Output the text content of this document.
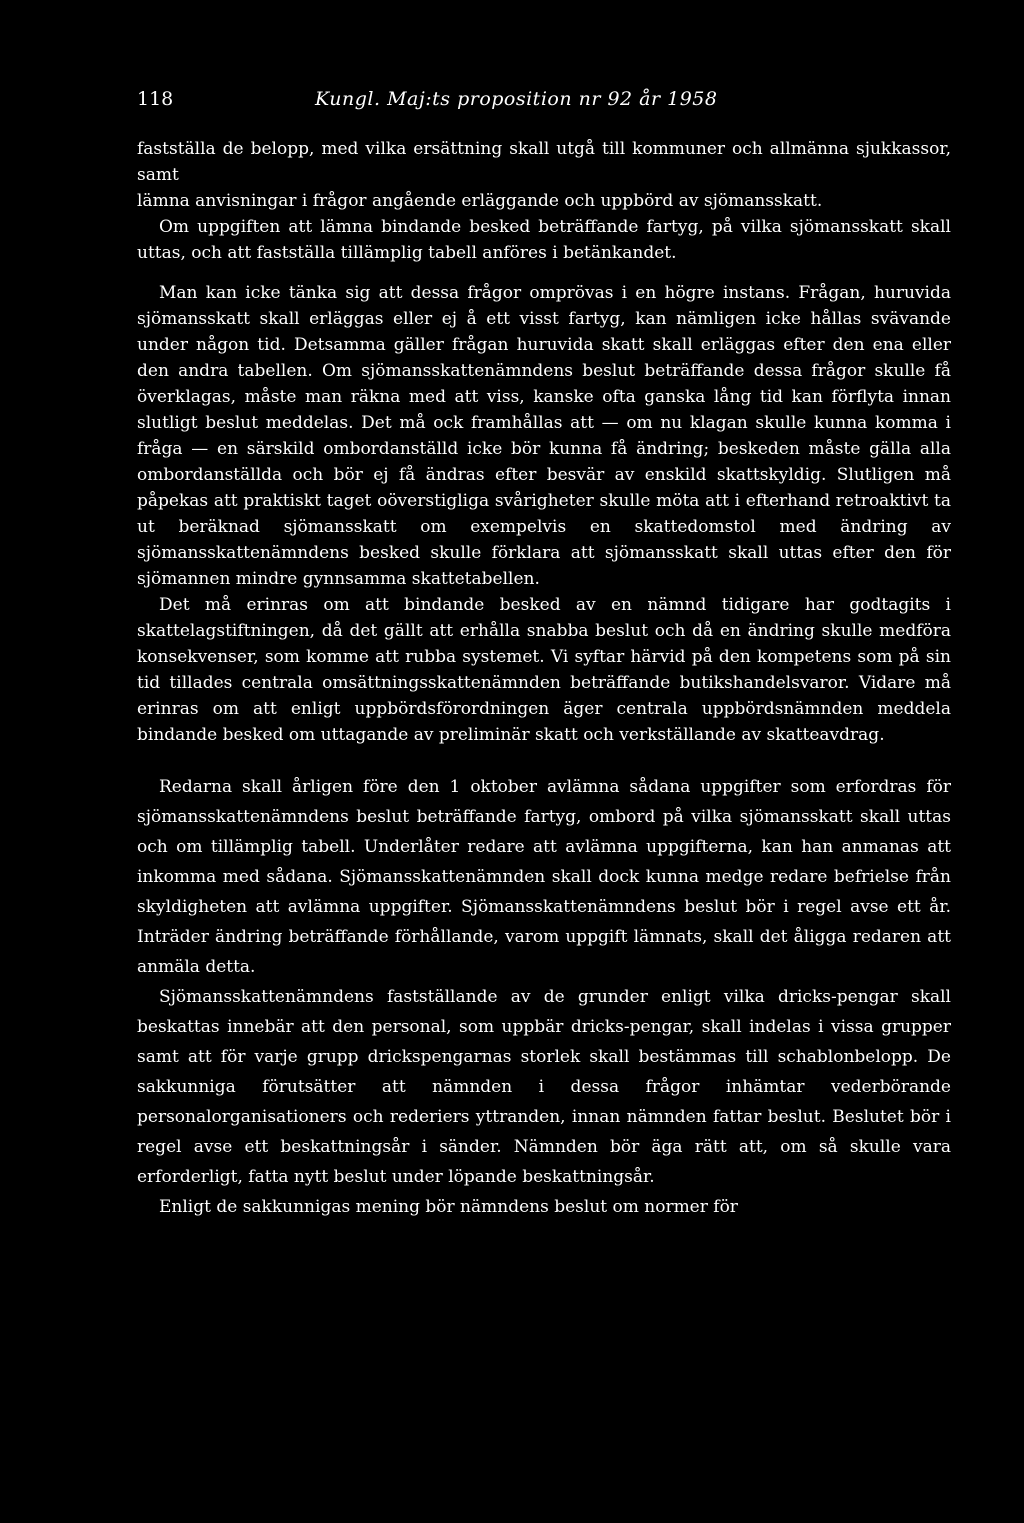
118	Kungl. Maj:ts proposition nr 92 år 1958

fastställa de belopp, med vilka ersättning skall utgå till kommuner och allmänna sjukkassor, samt

lämna anvisningar i frågor angående erläggande och uppbörd av sjömansskatt.

Om uppgiften att lämna bindande besked beträffande fartyg, på vilka sjömansskatt skall uttas, och att fastställa tillämplig tabell anföres i betänkandet.

Man kan icke tänka sig att dessa frågor omprövas i en högre instans. Frågan, huruvida sjömansskatt skall erläggas eller ej å ett visst fartyg, kan nämligen icke hållas svävande under någon tid. Detsamma gäller frågan huruvida skatt skall erläggas efter den ena eller den andra tabellen. Om sjömansskattenämndens beslut beträffande dessa frågor skulle få överklagas, måste man räkna med att viss, kanske ofta ganska lång tid kan förflyta innan slutligt beslut meddelas. Det må ock framhållas att — om nu klagan skulle kunna komma i fråga — en särskild ombordanställd icke bör kunna få ändring; beskeden måste gälla alla ombordanställda och bör ej få ändras efter besvär av enskild skattskyldig. Slutligen må påpekas att praktiskt taget oöverstigliga svårigheter skulle möta att i efterhand retroaktivt ta ut beräknad sjömansskatt om exempelvis en skattedomstol med ändring av sjömansskattenämndens besked skulle förklara att sjömansskatt skall uttas efter den för sjömannen mindre gynnsamma skattetabellen.

Det må erinras om att bindande besked av en nämnd tidigare har godtagits i skattelagstiftningen, då det gällt att erhålla snabba beslut och då en ändring skulle medföra konsekvenser, som komme att rubba systemet. Vi syftar härvid på den kompetens som på sin tid tillades centrala omsättningsskattenämnden beträffande butikshandelsvaror. Vidare må erinras om att enligt uppbördsförordningen äger centrala uppbördsnämnden meddela bindande besked om uttagande av preliminär skatt och verkställande av skatteavdrag.

Redarna skall årligen före den 1 oktober avlämna sådana uppgifter som erfordras för sjömansskattenämndens beslut beträffande fartyg, ombord på vilka sjömansskatt skall uttas och om tillämplig tabell. Underlåter redare att avlämna uppgifterna, kan han anmanas att inkomma med sådana. Sjömansskattenämnden skall dock kunna medge redare befrielse från skyldigheten att avlämna uppgifter. Sjömansskattenämndens beslut bör i regel avse ett år. Inträder ändring beträffande förhållande, varom uppgift lämnats, skall det åligga redaren att anmäla detta.

Sjömansskattenämndens fastställande av de grunder enligt vilka dricks-pengar skall beskattas innebär att den personal, som uppbär dricks-pengar, skall indelas i vissa grupper samt att för varje grupp drickspengarnas storlek skall bestämmas till schablonbelopp. De sakkunniga förutsätter att nämnden i dessa frågor inhämtar vederbörande personalorganisationers och rederiers yttranden, innan nämnden fattar beslut. Beslutet bör i regel avse ett beskattningsår i sänder. Nämnden bör äga rätt att, om så skulle vara erforderligt, fatta nytt beslut under löpande beskattningsår.

Enligt de sakkunnigas mening bör nämndens beslut om normer för
